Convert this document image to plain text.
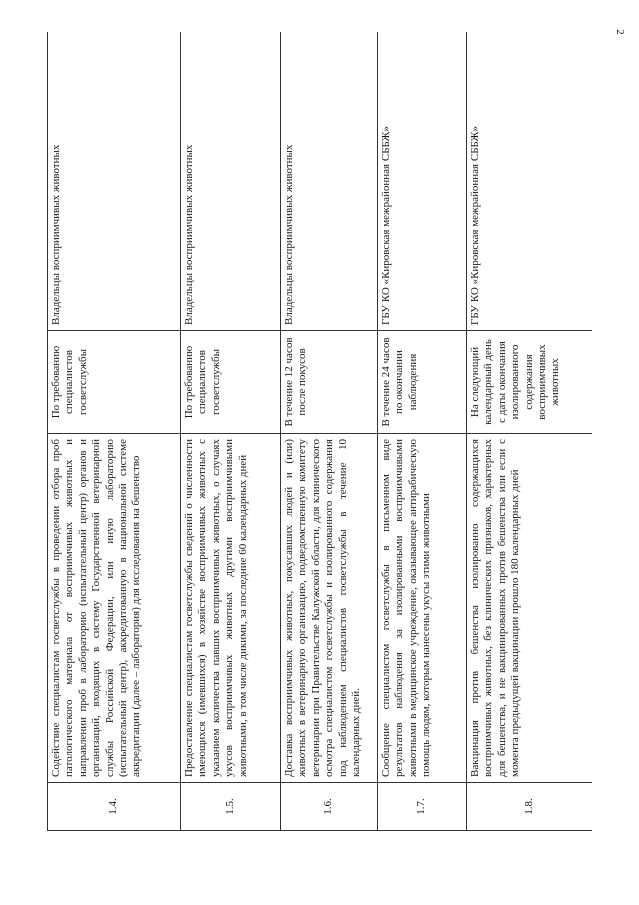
2
1.4.	Содействие специалистам госветслужбы в проведении отбора проб патологического материала от восприимчивых животных и направлении проб в лабораторию (испытательный центр) органов и организаций, входящих в систему Государственной ветеринарной службы Российской Федерации, или иную лабораторию (испытательный центр), аккредитованную в национальной системе аккредитации (далее – лаборатория) для исследования на бешенство	По требованию специалистов госветслужбы	Владельцы восприимчивых животных
1.5.	Предоставление специалистам госветслужбы сведений о численности имеющихся (имевшихся) в хозяйстве восприимчивых животных с указанием количества павших восприимчивых животных, о случаях укусов восприимчивых животных другими восприимчивыми животными, в том числе дикими, за последние 60 календарных дней	По требованию специалистов госветслужбы	Владельцы восприимчивых животных
1.6.	Доставка восприимчивых животных, покусавших людей и (или) животных в ветеринарную организацию, подведомственную комитету ветеринарии при Правительстве Калужской области, для клинического осмотра специалистом госветслужбы и изолированного содержания под наблюдением специалистов госветслужбы в течение 10 календарных дней.	В течение 12 часов после покусов	Владельцы восприимчивых животных
1.7.	Сообщение специалистом госветслужбы в письменном виде результатов наблюдения за изолированными восприимчивыми животными в медицинское учреждение, оказывающее антирабическую помощь людям, которым нанесены укусы этими животными	В течение 24 часов по окончании наблюдения	ГБУ КО «Кировская межрайонная СББЖ»
1.8.	Вакцинация против бешенства изолированно содержащихся восприимчивых животных, без клинических признаков, характерных для бешенства, и не вакцинированных против бешенства или если с момента предыдущей вакцинации прошло 180 календарных дней	На следующий календарный день с даты окончания изолированного содержания восприимчивых животных	ГБУ КО «Кировская межрайонная СББЖ»
